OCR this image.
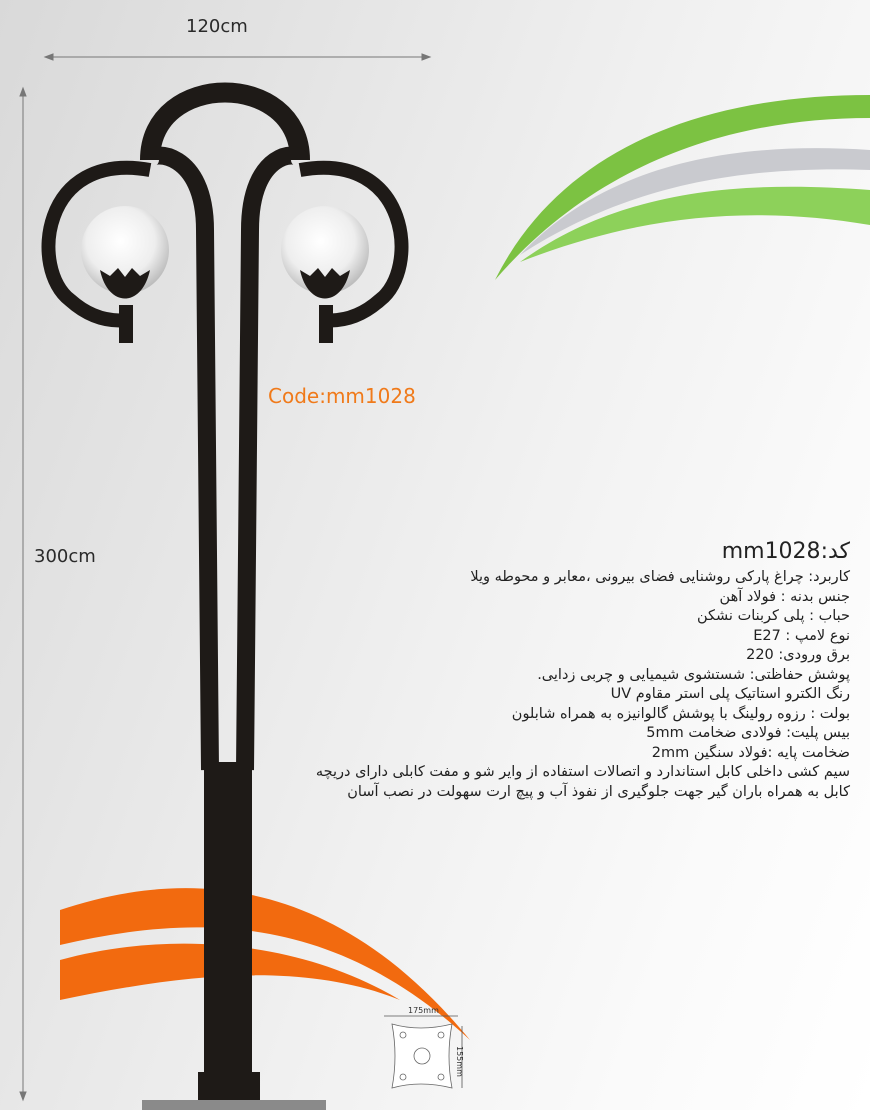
120cm
300cm
Code:mm1028
کد:mm1028
کاربرد: چراغ پارکی روشنایی فضای بیرونی ،معابر و محوطه ویلا
جنس بدنه : فولاد آهن
حباب : پلی کربنات نشکن
نوع لامپ : E27
برق ورودی: 220
پوشش حفاظتی: شستشوی شیمیایی و چربی زدایی.
رنگ الکترو استاتیک پلی استر مقاوم UV
بولت : رزوه رولینگ با پوشش گالوانیزه به همراه شابلون
بیس پلیت: فولادی ضخامت 5mm
ضخامت پایه :فولاد سنگین 2mm
سیم کشی داخلی کابل استاندارد و اتصالات استفاده از وایر شو و مفت کابلی دارای دریچه کابل به همراه باران گیر جهت جلوگیری از نفوذ آب و پیچ ارت سهولت در نصب آسان
175mm
155mm
